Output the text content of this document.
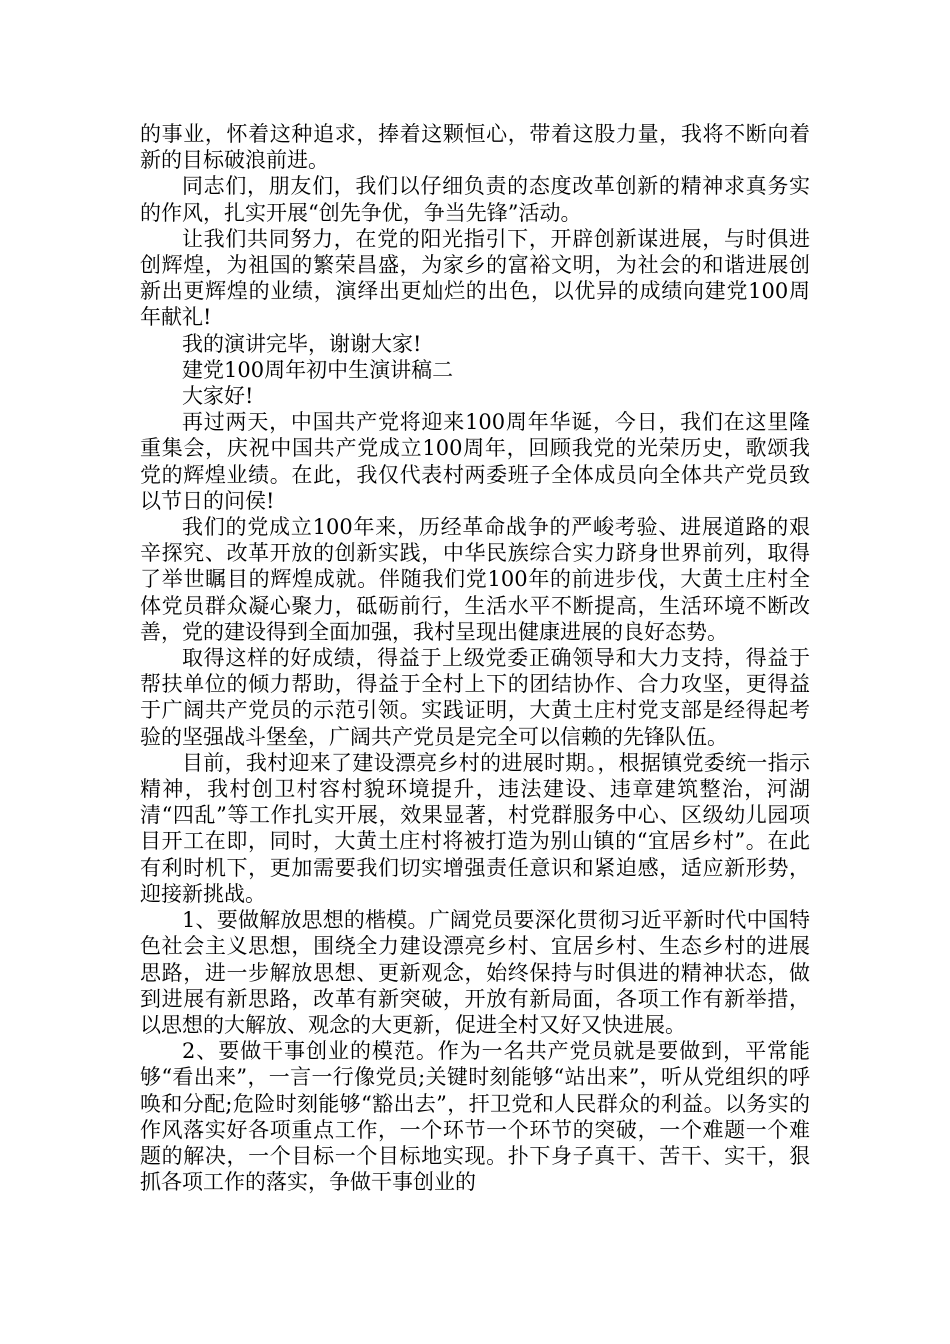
的事业，怀着这种追求，捧着这颗恒心，带着这股力量，我将不断向着新的目标破浪前进。

同志们，朋友们，我们以仔细负责的态度改革创新的精神求真务实的作风，扎实开展“创先争优，争当先锋”活动。

让我们共同努力，在党的阳光指引下，开辟创新谋进展，与时俱进创辉煌，为祖国的繁荣昌盛，为家乡的富裕文明，为社会的和谐进展创新出更辉煌的业绩，演绎出更灿烂的出色，以优异的成绩向建党100周年献礼!

我的演讲完毕，谢谢大家!

建党100周年初中生演讲稿二

大家好!

再过两天，中国共产党将迎来100周年华诞，今日，我们在这里隆重集会，庆祝中国共产党成立100周年，回顾我党的光荣历史，歌颂我党的辉煌业绩。在此，我仅代表村两委班子全体成员向全体共产党员致以节日的问侯!

我们的党成立100年来，历经革命战争的严峻考验、进展道路的艰辛探究、改革开放的创新实践，中华民族综合实力跻身世界前列，取得了举世瞩目的辉煌成就。伴随我们党100年的前进步伐，大黄土庄村全体党员群众凝心聚力，砥砺前行，生活水平不断提高，生活环境不断改善，党的建设得到全面加强，我村呈现出健康进展的良好态势。

取得这样的好成绩，得益于上级党委正确领导和大力支持，得益于帮扶单位的倾力帮助，得益于全村上下的团结协作、合力攻坚，更得益于广阔共产党员的示范引领。实践证明，大黄土庄村党支部是经得起考验的坚强战斗堡垒，广阔共产党员是完全可以信赖的先锋队伍。

目前，我村迎来了建设漂亮乡村的进展时期。，根据镇党委统一指示精神，我村创卫村容村貌环境提升，违法建设、违章建筑整治，河湖清“四乱”等工作扎实开展，效果显著，村党群服务中心、区级幼儿园项目开工在即，同时，大黄土庄村将被打造为别山镇的“宜居乡村”。在此有利时机下，更加需要我们切实增强责任意识和紧迫感，适应新形势，迎接新挑战。

1、要做解放思想的楷模。广阔党员要深化贯彻习近平新时代中国特色社会主义思想，围绕全力建设漂亮乡村、宜居乡村、生态乡村的进展思路，进一步解放思想、更新观念，始终保持与时俱进的精神状态，做到进展有新思路，改革有新突破，开放有新局面，各项工作有新举措，以思想的大解放、观念的大更新，促进全村又好又快进展。

2、要做干事创业的模范。作为一名共产党员就是要做到，平常能够“看出来”，一言一行像党员;关键时刻能够“站出来”，听从党组织的呼唤和分配;危险时刻能够“豁出去”，扞卫党和人民群众的利益。以务实的作风落实好各项重点工作，一个环节一个环节的突破，一个难题一个难题的解决，一个目标一个目标地实现。扑下身子真干、苦干、实干，狠抓各项工作的落实，争做干事创业的
